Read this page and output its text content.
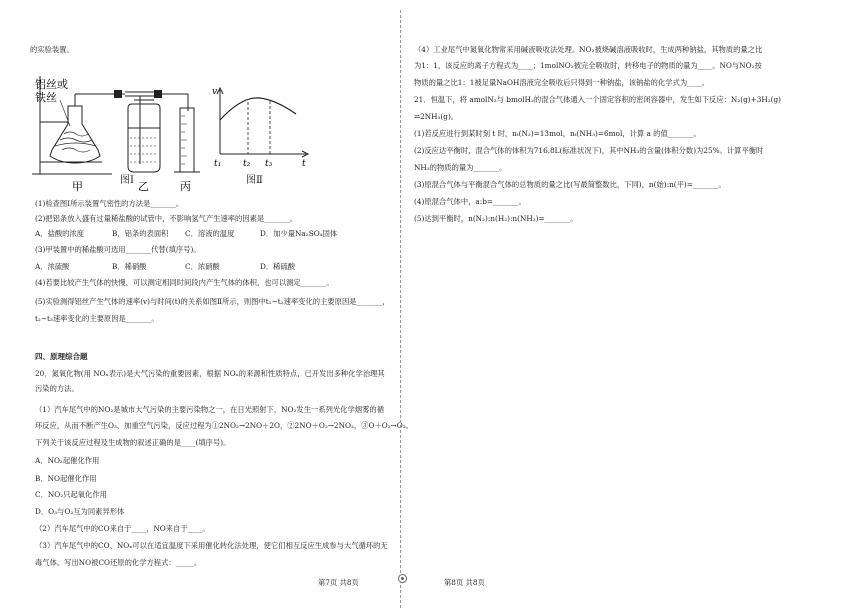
的实验装置。
铝丝或
铁丝
甲	乙	丙
图Ⅰ
v
t
t₁ t₂ t₃
图Ⅱ
(1)检查图Ⅰ所示装置气密性的方法是_______。
(2)把铝条放入盛有过量稀盐酸的试管中，不影响氢气产生速率的因素是_______。
A．盐酸的浓度	B．铝条的表面积 C．溶液的温度	D．加少量Na₂SO₄固体
(3)甲装置中的稀盐酸可选用_______代替(填序号)。
A．浓硫酸	B．稀硝酸	C．浓硝酸	D．稀硫酸
(4)若要比较产生气体的快慢，可以测定相同时间段内产生气体的体积，也可以测定_______。
(5)实验测得铝丝产生气体的速率(v)与时间(t)的关系如图Ⅱ所示，则图中t₁~t₂速率变化的主要原因是_______，
t₂~t₃速率变化的主要原因是_______。
四、原理综合题
20．氮氧化物(用 NOₓ表示)是大气污染的重要因素，根据 NOₓ的来源和性质特点，已开发出多种化学治理其
污染的方法。
（1）汽车尾气中的NO₂是城市大气污染的主要污染物之一，在日光照射下，NO₂发生一系列光化学烟雾的循
环反应，从而不断产生O₃，加重空气污染，反应过程为①2NO₂→2NO＋2O，②2NO＋O₂→2NO₂，③O＋O₂→O₃。
下列关于该反应过程及生成物的叙述正确的是____(填序号)。
A．NO₂起催化作用
B．NO起催化作用
C．NO₂只起氧化作用
D．O₃与O₂互为同素异形体
（2）汽车尾气中的CO来自于____，NO来自于____。
（3）汽车尾气中的CO、NOₓ可以在适宜温度下采用催化转化法处理，使它们相互反应生成参与大气循环的无
毒气体。写出NO被CO还原的化学方程式：_____。
第7页 共8页
（4）工业尾气中氮氧化物常采用碱液吸收法处理。NO₂被烧碱溶液吸收时，生成两种钠盐，其物质的量之比
为1：1，该反应的离子方程式为____；1molNO₂被完全吸收时，转移电子的物质的量为____。NO与NO₂按
物质的量之比1：1被足量NaOH溶液完全吸收后只得到一种钠盐，该钠盐的化学式为____。
21．恒温下，将 amolN₂与 bmolH₂的混合气体通入一个固定容积的密闭容器中，发生如下反应：N₂(g)+3H₂(g)
⇌2NH₃(g)。
(1)若反应进行到某时刻 t 时，nₜ(N₂)=13mol，nₜ(NH₃)=6mol，计算 a 的值_______。
(2)反应达平衡时，混合气体的体积为716.8L(标准状况下)，其中NH₃的含量(体积分数)为25%。计算平衡时
NH₃的物质的量为_______。
(3)原混合气体与平衡混合气体的总物质的量之比(写最简整数比，下同)，n(始):n(平)=_______。
(4)原混合气体中，a:b=_______。
(5)达到平衡时，n(N₂):n(H₂):n(NH₃)=_______。
第8页 共8页
